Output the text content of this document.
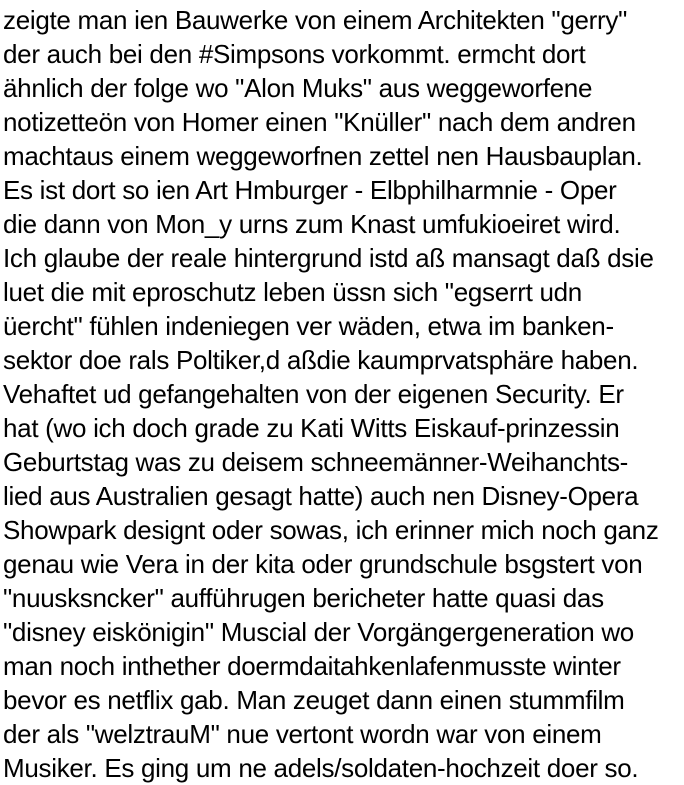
zeigte man ien Bauwerke von einem Architekten "gerry"
der auch bei den #Simpsons vorkommt. ermcht dort
ähnlich der folge wo "Alon Muks" aus weggeworfene
notizetteön von Homer einen "Knüller" nach dem andren
machtaus einem weggeworfnen zettel nen Hausbauplan.
Es ist dort so ien Art Hmburger - Elbphilharmnie - Oper
die dann von Mon_y urns zum Knast umfukioeiret wird.
Ich glaube der reale hintergrund istd aß mansagt daß dsie
luet die mit eproschutz leben üssn sich "egserrt udn
üercht" fühlen indeniegen ver wäden, etwa im banken-
sektor doe rals Poltiker,d aßdie kaumprvatsphäre haben.
Vehaftet ud gefangehalten von der eigenen Security. Er
hat (wo ich doch grade zu Kati Witts Eiskauf-prinzessin
Geburtstag was zu deisem schneemänner-Weihanchts-
lied aus Australien gesagt hatte) auch nen Disney-Opera
Showpark designt oder sowas, ich erinner mich noch ganz
genau wie Vera in der kita oder grundschule bsgstert von
"nuusksncker" aufführugen bericheter hatte quasi das
"disney eiskönigin" Muscial der Vorgängergeneration wo
man noch inthether doermdaitahkenlafenmusste winter
bevor es netflix gab. Man zeuget dann einen stummfilm
der als "welztrauM" nue vertont wordn war von einem
Musiker. Es ging um ne adels/soldaten-hochzeit doer so.
